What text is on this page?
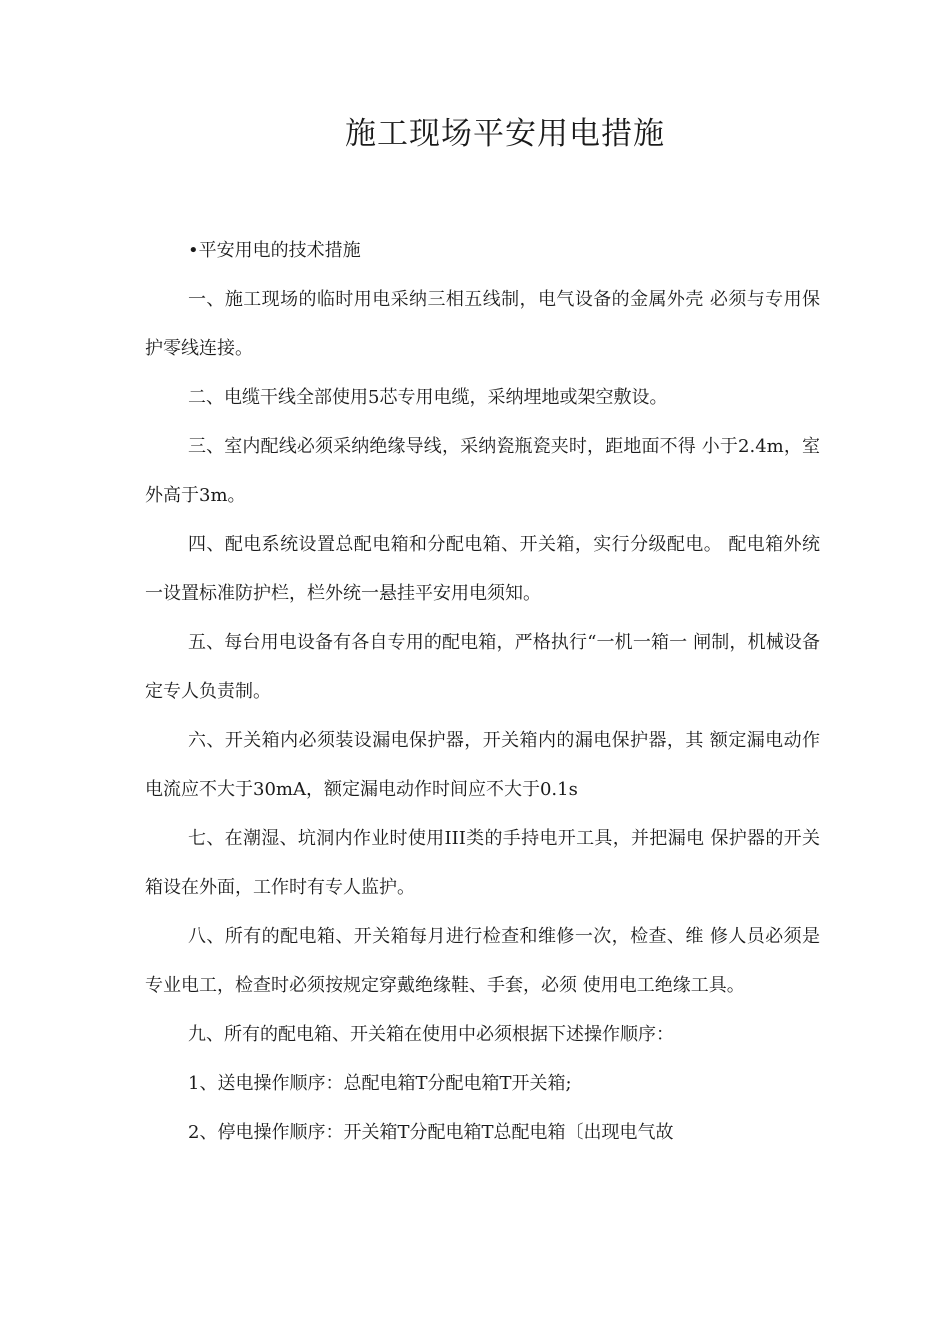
施工现场平安用电措施

•平安用电的技术措施

一、施工现场的临时用电采纳三相五线制，电气设备的金属外壳 必须与专用保护零线连接。

二、电缆干线全部使用5芯专用电缆，采纳埋地或架空敷设。

三、室内配线必须采纳绝缘导线，采纳瓷瓶瓷夹时，距地面不得 小于2.4m，室外高于3m。

四、配电系统设置总配电箱和分配电箱、开关箱，实行分级配电。 配电箱外统一设置标准防护栏，栏外统一悬挂平安用电须知。

五、每台用电设备有各自专用的配电箱，严格执行“一机一箱一 闸制，机械设备定专人负责制。

六、开关箱内必须装设漏电保护器，开关箱内的漏电保护器，其 额定漏电动作电流应不大于30mA，额定漏电动作时间应不大于0.1s

七、在潮湿、坑洞内作业时使用III类的手持电开工具，并把漏电 保护器的开关箱设在外面，工作时有专人监护。

八、所有的配电箱、开关箱每月进行检查和维修一次，检查、维 修人员必须是专业电工，检查时必须按规定穿戴绝缘鞋、手套，必须 使用电工绝缘工具。

九、所有的配电箱、开关箱在使用中必须根据下述操作顺序：

1、送电操作顺序：总配电箱T分配电箱T开关箱;

2、停电操作顺序：开关箱T分配电箱T总配电箱〔出现电气故
